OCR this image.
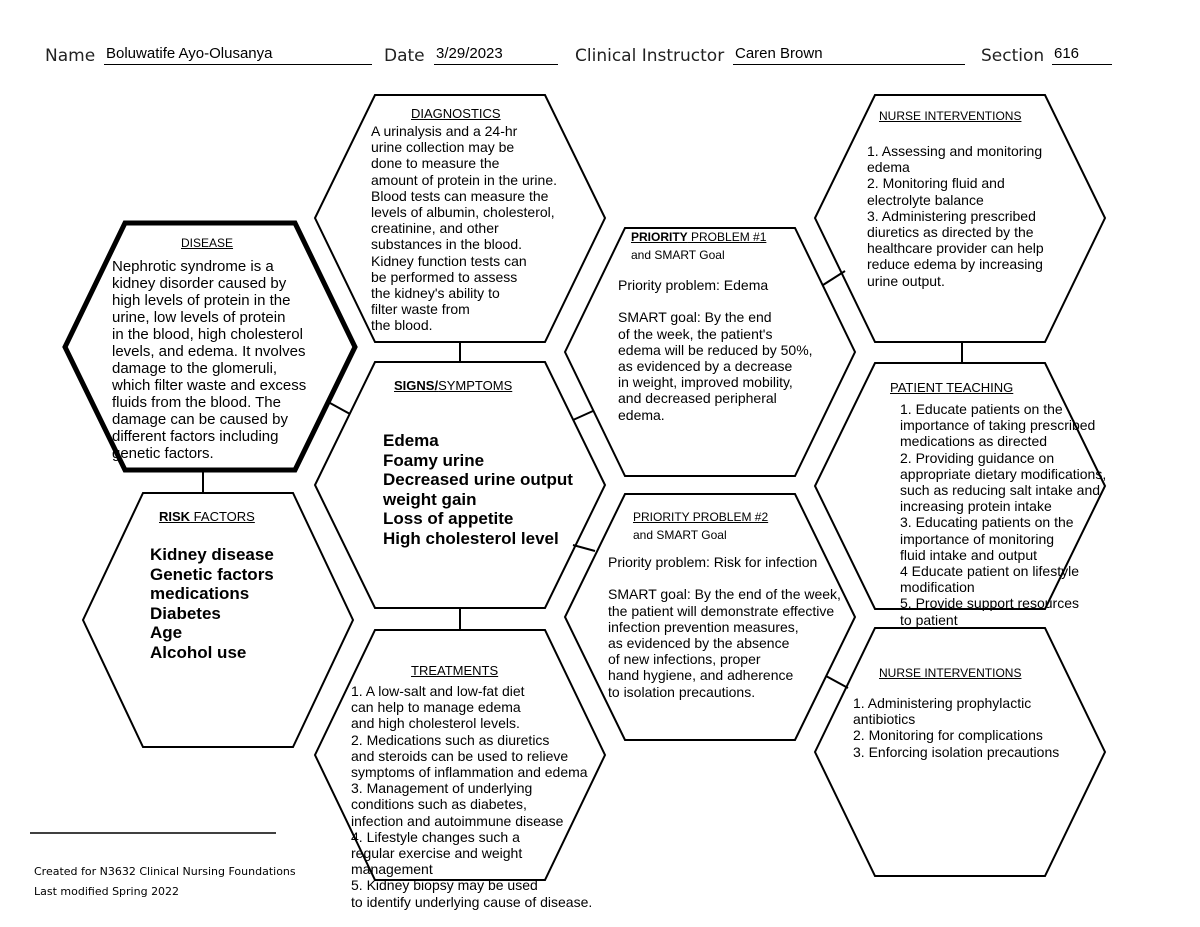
Name Boluwatife Ayo-Olusanya	Date 3/29/2023	Clinical Instructor Caren Brown	Section 616
DIAGNOSTICS
A urinalysis and a 24-hr
urine collection may be
done to measure the
amount of protein in the urine.
Blood tests can measure the
levels of albumin, cholesterol,
creatinine, and other
substances in the blood.
Kidney function tests can
be performed to assess
the kidney's ability to
filter waste from
the blood.
DISEASE
Nephrotic syndrome is a
kidney disorder caused by
high levels of protein in the
urine, low levels of protein
in the blood, high cholesterol
levels, and edema. It nvolves
damage to the glomeruli,
which filter waste and excess
fluids from the blood. The
damage can be caused by
different factors including
genetic factors.
SIGNS/SYMPTOMS
Edema
Foamy urine
Decreased urine output
weight gain
Loss of appetite
High cholesterol level
RISK FACTORS
Kidney disease
Genetic factors
medications
Diabetes
Age
Alcohol use
TREATMENTS
1. A low-salt and low-fat diet
can help to manage edema
and high cholesterol levels.
2. Medications such as diuretics
and steroids can be used to relieve
symptoms of inflammation and edema
3. Management of underlying
conditions such as diabetes,
infection and autoimmune disease
4. Lifestyle changes such a
regular exercise and weight
management
5. Kidney biopsy may be used
to identify underlying cause of disease.
PRIORITY PROBLEM #1
and SMART Goal
Priority problem: Edema

SMART goal: By the end
of the week, the patient's
edema will be reduced by 50%,
as evidenced by a decrease
in weight, improved mobility,
and decreased peripheral
edema.
PRIORITY PROBLEM #2
and SMART Goal
Priority problem: Risk for infection

SMART goal: By the end of the week,
the patient will demonstrate effective
infection prevention measures,
as evidenced by the absence
of new infections, proper
hand hygiene, and adherence
to isolation precautions.
NURSE INTERVENTIONS
1. Assessing and monitoring
edema
2. Monitoring fluid and
electrolyte balance
3. Administering prescribed
diuretics as directed by the
healthcare provider can help
reduce edema by increasing
urine output.
PATIENT TEACHING
1. Educate patients on the
importance of taking prescribed
medications as directed
2. Providing guidance on
appropriate dietary modifications,
such as reducing salt intake and
increasing protein intake
3. Educating patients on the
importance of monitoring
fluid intake and output
4 Educate patient on lifestyle
modification
5. Provide support resources
to patient
NURSE INTERVENTIONS
1. Administering prophylactic
antibiotics
2. Monitoring for complications
3. Enforcing isolation precautions
Created for N3632 Clinical Nursing Foundations
Last modified Spring 2022
